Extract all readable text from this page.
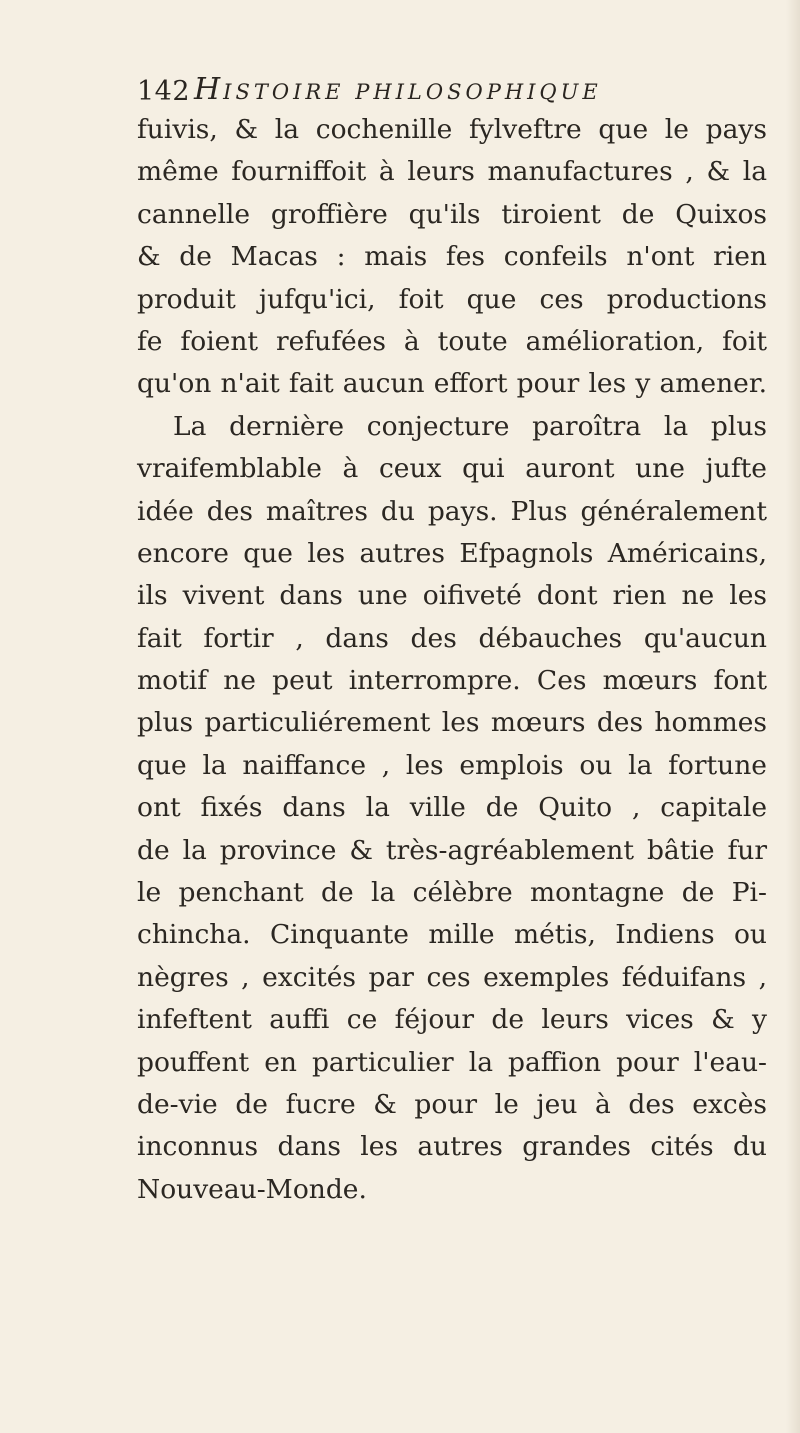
142 HISTOIRE PHILOSOPHIQUE
fuivis, & la cochenille fylveftre que le pays
même fourniffoit à leurs manufactures , & la
cannelle groffière qu'ils tiroient de Quixos
& de Macas : mais fes confeils n'ont rien
produit jufqu'ici, foit que ces productions
fe foient refufées à toute amélioration, foit
qu'on n'ait fait aucun effort pour les y amener.
La dernière conjecture paroîtra la plus
vraifemblable à ceux qui auront une jufte
idée des maîtres du pays. Plus généralement
encore que les autres Efpagnols Américains,
ils vivent dans une oifiveté dont rien ne les
fait fortir , dans des débauches qu'aucun
motif ne peut interrompre. Ces mœurs font
plus particuliérement les mœurs des hommes
que la naiffance , les emplois ou la fortune
ont fixés dans la ville de Quito , capitale
de la province & très-agréablement bâtie fur
le penchant de la célèbre montagne de Pi-
chincha. Cinquante mille métis, Indiens ou
nègres , excités par ces exemples féduifans ,
infeftent auffi ce féjour de leurs vices & y
pouffent en particulier la paffion pour l'eau-
de-vie de fucre & pour le jeu à des excès
inconnus dans les autres grandes cités du
Nouveau-Monde.
